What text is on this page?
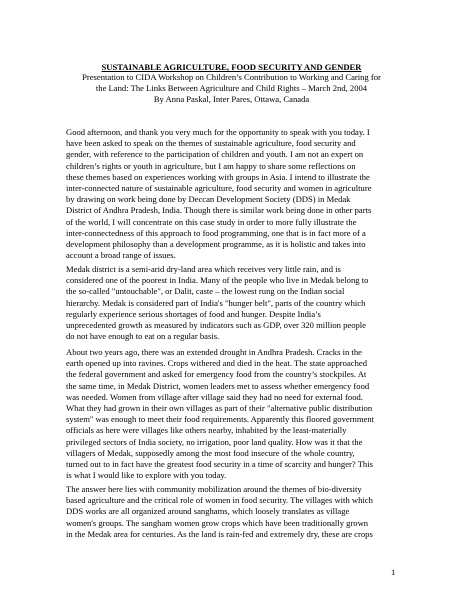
SUSTAINABLE AGRICULTURE, FOOD SECURITY AND GENDER
Presentation to CIDA Workshop on Children’s Contribution to Working and Caring for
the Land: The Links Between Agriculture and Child Rights – March 2nd, 2004
By Anna Paskal, Inter Pares, Ottawa, Canada
Good afternoon, and thank you very much for the opportunity to speak with you today. I
have been asked to speak on the themes of sustainable agriculture, food security and
gender, with reference to the participation of children and youth. I am not an expert on
children’s rights or youth in agriculture, but I am happy to share some reflections on
these themes based on experiences working with groups in Asia. I intend to illustrate the
inter-connected nature of sustainable agriculture, food security and women in agriculture
by drawing on work being done by Deccan Development Society (DDS) in Medak
District of Andhra Pradesh, India. Though there is similar work being done in other parts
of the world, I will concentrate on this case study in order to more fully illustrate the
inter-connectedness of this approach to food programming, one that is in fact more of a
development philosophy than a development programme, as it is holistic and takes into
account a broad range of issues.
Medak district is a semi-arid dry-land area which receives very little rain, and is
considered one of the poorest in India. Many of the people who live in Medak belong to
the so-called "untouchable", or Dalit, caste – the lowest rung on the Indian social
hierarchy. Medak is considered part of India's "hunger belt", parts of the country which
regularly experience serious shortages of food and hunger. Despite India’s
unprecedented growth as measured by indicators such as GDP, over 320 million people
do not have enough to eat on a regular basis.
About two years ago, there was an extended drought in Andhra Pradesh. Cracks in the
earth opened up into ravines. Crops withered and died in the heat. The state approached
the federal government and asked for emergency food from the country’s stockpiles. At
the same time, in Medak District, women leaders met to assess whether emergency food
was needed. Women from village after village said they had no need for external food.
What they had grown in their own villages as part of their "alternative public distribution
system" was enough to meet their food requirements. Apparently this floored government
officials as here were villages like others nearby, inhabited by the least-materially
privileged sectors of India society, no irrigation, poor land quality. How was it that the
villagers of Medak, supposedly among the most food insecure of the whole country,
turned out to in fact have the greatest food security in a time of scarcity and hunger? This
is what I would like to explore with you today.
The answer here lies with community mobilization around the themes of bio-diversity
based agriculture and the critical role of women in food security. The villages with which
DDS works are all organized around sanghams, which loosely translates as village
women's groups. The sangham women grow crops which have been traditionally grown
in the Medak area for centuries. As the land is rain-fed and extremely dry, these are crops
1
